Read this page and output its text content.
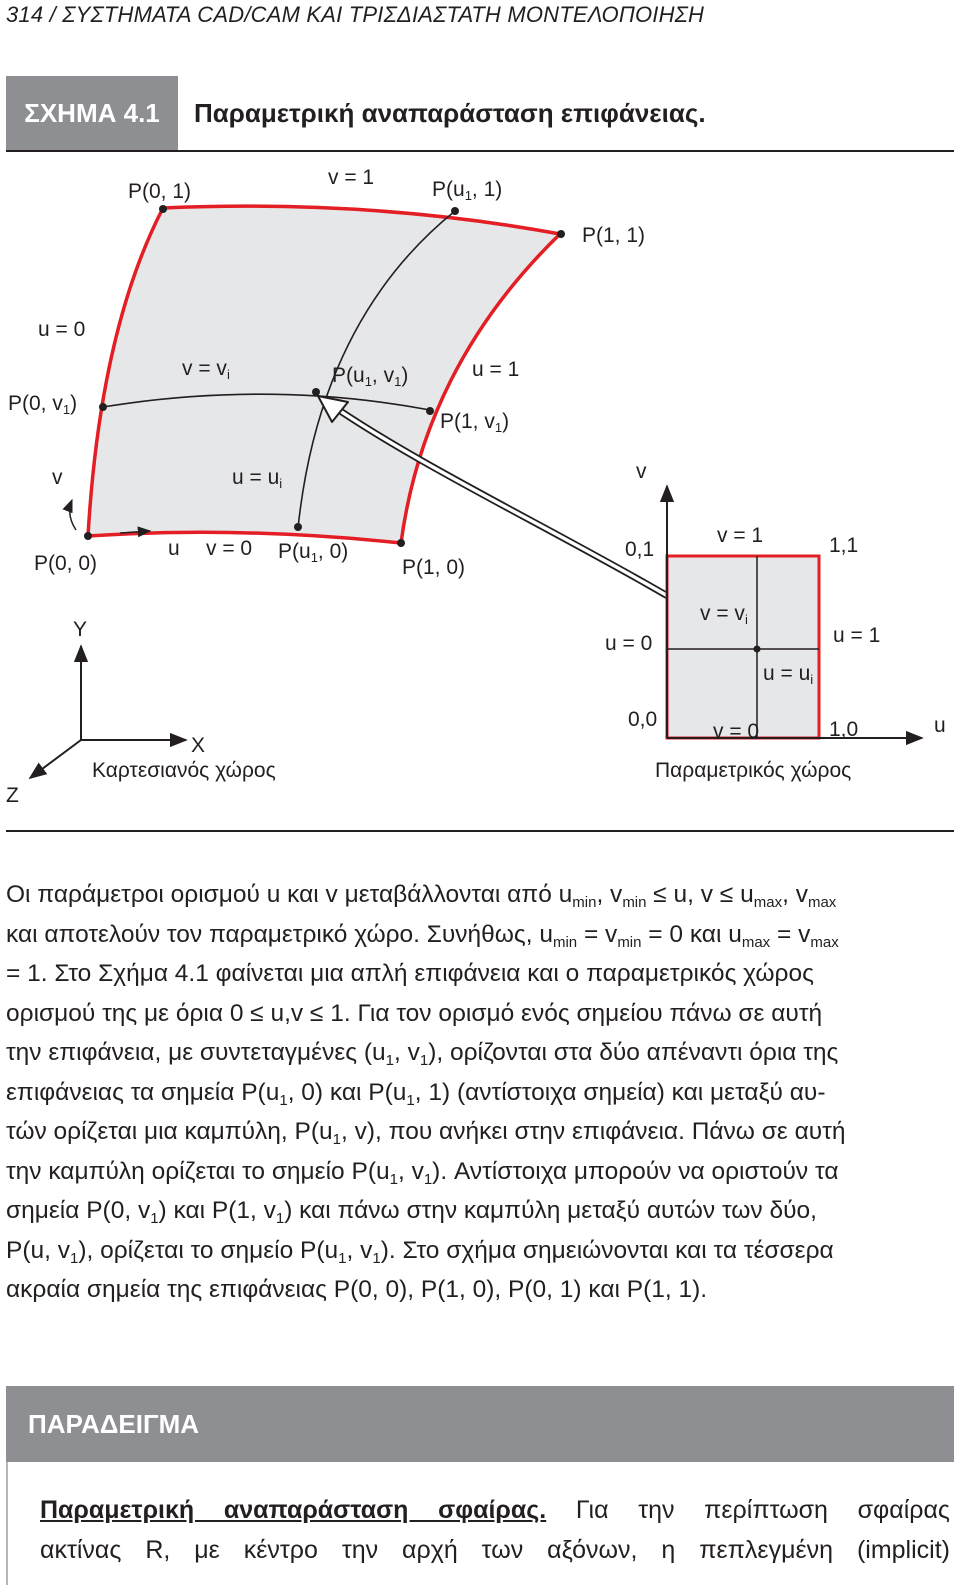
314 / ΣΥΣΤΗΜΑΤΑ CAD/CAM ΚΑΙ ΤΡΙΣΔΙΑΣΤΑΤΗ ΜΟΝΤΕΛΟΠΟΙΗΣΗ
ΣΧΗΜΑ 4.1	Παραμετρική αναπαράσταση επιφάνειας.
P(0, 1)
v = 1
P(u1, 1)
P(1, 1)
u = 0
v = vi	P(u1, v1)	u = 1
P(0, v1)
P(1, v1)
v	u = ui
P(0, 0)
u v = 0 P(u1, 0)
P(1, 0)
Y
X
Z
Καρτεσιανός χώρος
v
u
0,1
v = 1	1,1
v = vi
u = 0	u = 1
u = ui
0,0
v = 0	1,0
Παραμετρικός χώρος
Οι παράμετροι ορισμού u και v μεταβάλλονται από $u_{min}$, $v_{min} \le u$, $v \le u_{max}$, $v_{max}$
και αποτελούν τον παραμετρικό χώρο. Συνήθως, $u_{min} = v_{min} = 0$ και $u_{max} = v_{max}$
= 1. Στο Σχήμα 4.1 φαίνεται μια απλή επιφάνεια και ο παραμετρικός χώρος
ορισμού της με όρια 0 ≤ u,v ≤ 1. Για τον ορισμό ενός σημείου πάνω σε αυτή
την επιφάνεια, με συντεταγμένες ($u_1$, $v_1$), ορίζονται στα δύο απέναντι όρια της
επιφάνειας τα σημεία $P(u_1$, 0) και $P(u_1$, 1) (αντίστοιχα σημεία) και μεταξύ αυ-
τών ορίζεται μια καμπύλη, $P(u_1$, v), που ανήκει στην επιφάνεια. Πάνω σε αυτή
την καμπύλη ορίζεται το σημείο $P(u_1$, $v_1$). Αντίστοιχα μπορούν να οριστούν τα
σημεία P(0, $v_1$) και P(1, $v_1$) και πάνω στην καμπύλη μεταξύ αυτών των δύο,
P(u, $v_1$), ορίζεται το σημείο $P(u_1$, $v_1$). Στο σχήμα σημειώνονται και τα τέσσερα
ακραία σημεία της επιφάνειας P(0, 0), P(1, 0), P(0, 1) και P(1, 1).
ΠΑΡΑΔΕΙΓΜΑ
Παραμετρική αναπαράσταση σφαίρας. Για την περίπτωση σφαίρας
ακτίνας R, με κέντρο την αρχή των αξόνων, η πεπλεγμένη (implicit)
